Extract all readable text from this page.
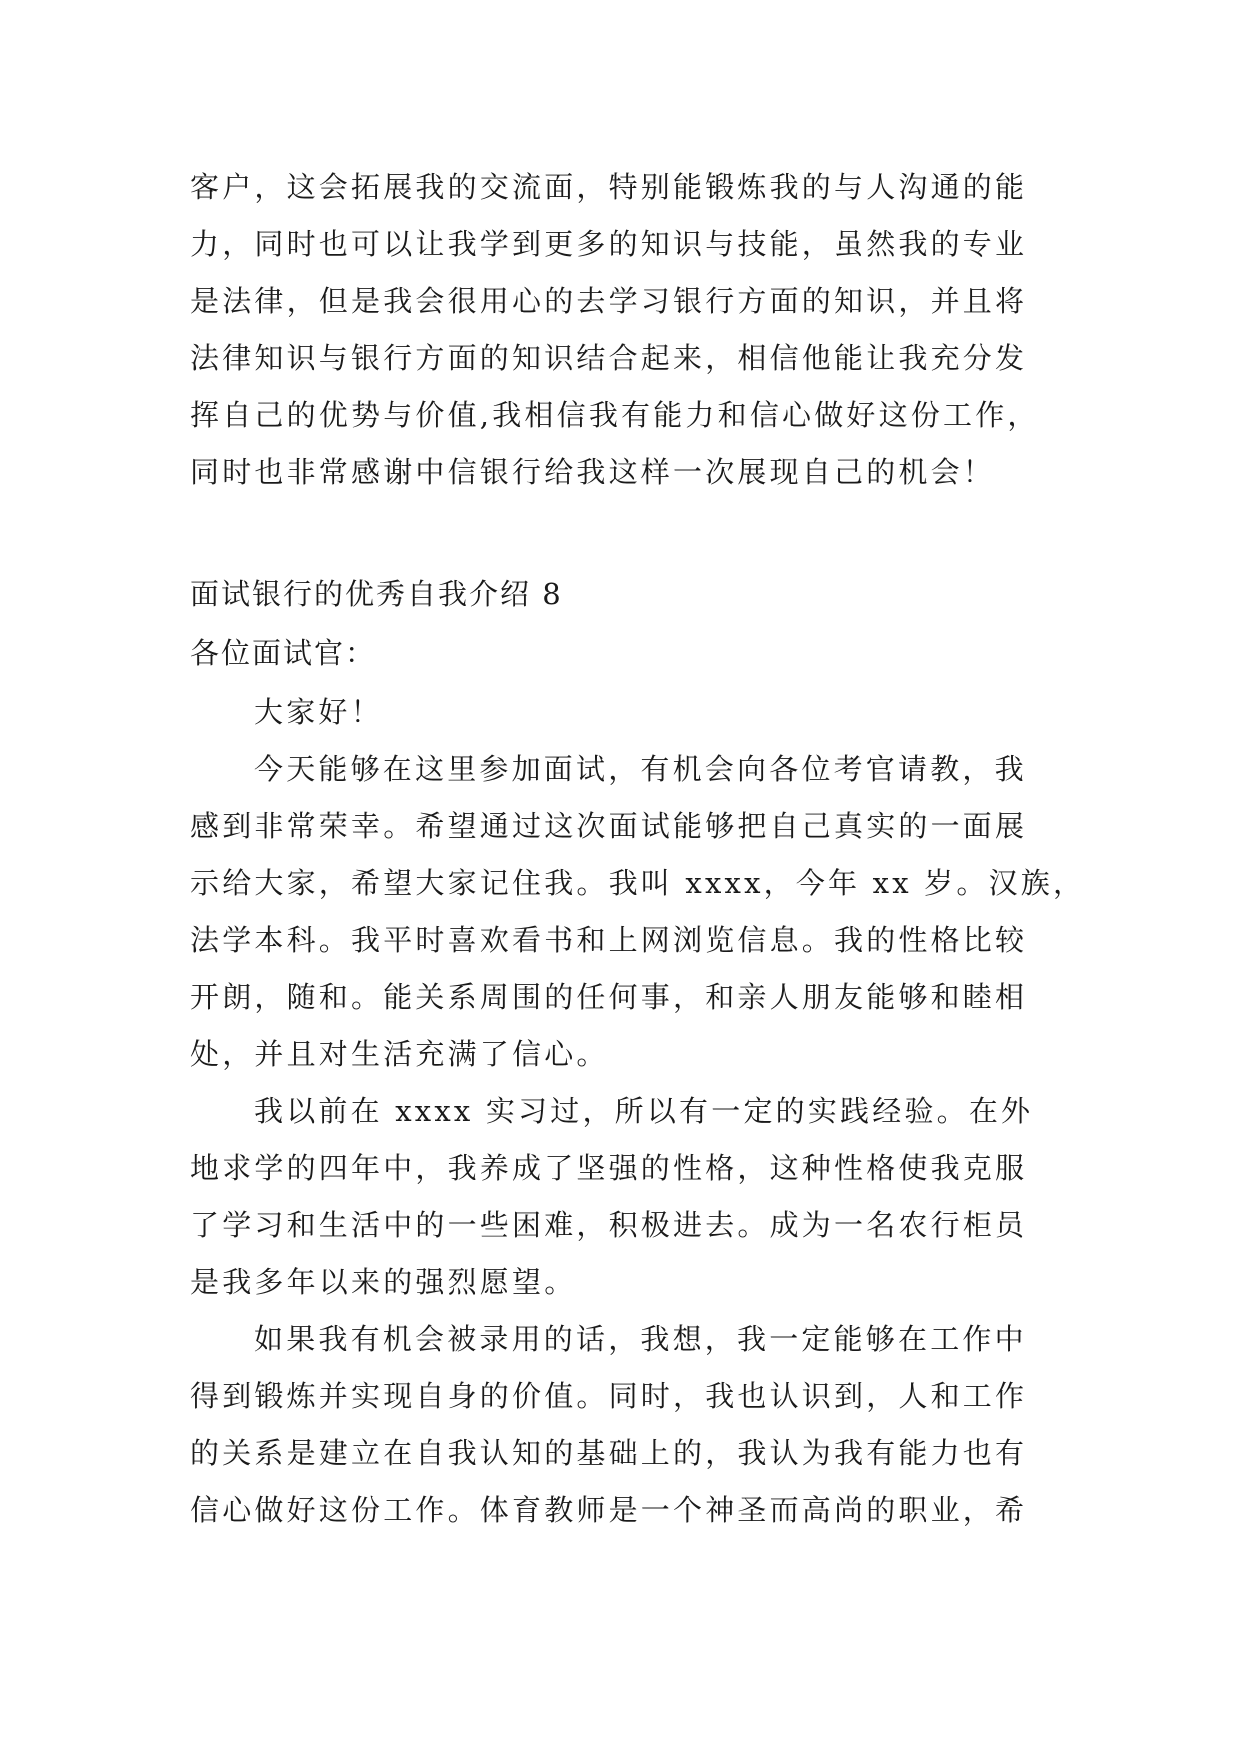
客户，这会拓展我的交流面，特别能锻炼我的与人沟通的能
力，同时也可以让我学到更多的知识与技能，虽然我的专业
是法律，但是我会很用心的去学习银行方面的知识，并且将
法律知识与银行方面的知识结合起来，相信他能让我充分发
挥自己的优势与价值,我相信我有能力和信心做好这份工作，
同时也非常感谢中信银行给我这样一次展现自己的机会！
面试银行的优秀自我介绍 8
各位面试官：
大家好！
今天能够在这里参加面试，有机会向各位考官请教，我
感到非常荣幸。希望通过这次面试能够把自己真实的一面展
示给大家，希望大家记住我。我叫 xxxx，今年 xx 岁。汉族，
法学本科。我平时喜欢看书和上网浏览信息。我的性格比较
开朗，随和。能关系周围的任何事，和亲人朋友能够和睦相
处，并且对生活充满了信心。
我以前在 xxxx 实习过，所以有一定的实践经验。在外
地求学的四年中，我养成了坚强的性格，这种性格使我克服
了学习和生活中的一些困难，积极进去。成为一名农行柜员
是我多年以来的强烈愿望。
如果我有机会被录用的话，我想，我一定能够在工作中
得到锻炼并实现自身的价值。同时，我也认识到，人和工作
的关系是建立在自我认知的基础上的，我认为我有能力也有
信心做好这份工作。体育教师是一个神圣而高尚的职业，希
